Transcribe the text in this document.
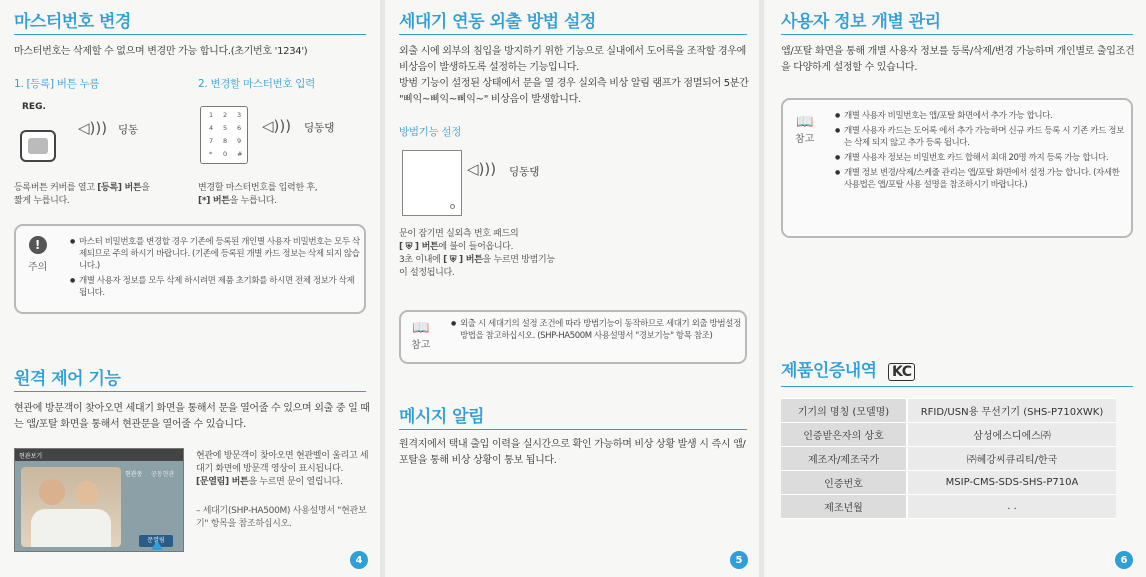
마스터번호 변경
마스터번호는 삭제할 수 없으며 변경만 가능 합니다.(초기번호 '1234')
1. [등록] 버튼 누름	2. 변경할 마스터번호 입력
REG.
◁))) 딩동
1 2 3
4 5 6
7 8 9
* 0 #
◁))) 딩동댕
등록버튼 커버를 열고 [등록] 버튼을
짧게 누릅니다.
변경할 마스터번호를 입력한 후,
[*] 버튼을 누릅니다.
!
주의
● 마스터 비밀번호를 변경할 경우 기존에 등록된 개인별 사용자 비밀번호는 모두 삭제되므로 주의 하시기 바랍니다. (기존에 등록된 개별 카드 정보는 삭제 되지 않습니다.)
● 개별 사용자 정보를 모두 삭제 하시려면 제품 초기화를 하시면 전체 정보가 삭제됩니다.
원격 제어 기능
현관에 방문객이 찾아오면 세대기 화면을 통해서 문을 열어줄 수 있으며 외출 중 일 때는 앱/포탈 화면을 통해서 현관문을 열어줄 수 있습니다.
현관보기
현관동 공동현관
문열림
현관에 방문객이 찾아오면 현관벨이 울리고 세대기 화면에 방문객 영상이 표시됩니다.
[문열림] 버튼을 누르면 문이 열립니다.
– 세대기(SHP-HA500M) 사용설명서 "현관보기" 항목을 참조하십시오.
4
세대기 연동 외출 방법 설정
외출 시에 외부의 침입을 방지하기 위한 기능으로 실내에서 도어록을 조작할 경우에 비상음이 발생하도록 설정하는 기능입니다.
방범 기능이 설정된 상태에서 문을 열 경우 실외측 비상 알림 램프가 점멸되어 5분간 "삐익~삐익~삐익~" 비상음이 발생합니다.
방범기능 설정
◁))) 딩동댕
문이 잠기면 실외측 번호 패드의
[ ⛨ ] 버튼에 불이 들어옵니다.
3초 이내에 [ ⛨ ] 버튼을 누르면 방범기능
이 설정됩니다.
📖
참고
● 외출 시 세대기의 설정 조건에 따라 방범기능이 동작하므로 세대기 외출 방범설정 방법을 참고하십시오. (SHP-HA500M 사용설명서 "경보기능" 항목 참조)
메시지 알림
원격지에서 택내 출입 이력을 실시간으로 확인 가능하며 비상 상황 발생 시 즉시 앱/포탈을 통해 비상 상황이 통보 됩니다.
5
사용자 정보 개별 관리
앱/포탈 화면을 통해 개별 사용자 정보를 등록/삭제/변경 가능하며 개인별로 출입조건을 다양하게 설정할 수 있습니다.
📖
참고
● 개별 사용자 비밀번호는 앱/포탈 화면에서 추가 가능 합니다.
● 개별 사용자 카드는 도어록 에서 추가 가능하며 신규 카드 등록 시 기존 카드 정보는 삭제 되지 않고 추가 등록 됩니다.
● 개별 사용자 정보는 비밀번호 카드 합해서 최대 20명 까지 등록 가능 합니다.
● 개별 정보 변경/삭제/스케줄 관리는 앱/포탈 화면에서 설정 가능 합니다. (자세한 사용법은 앱/포탈 사용 설명을 참조하시기 바랍니다.)
제품인증내역 KC
기기의 명칭 (모델명)	RFID/USN용 무선기기 (SHS-P710XWK)
인증받은자의 상호	삼성에스디에스㈜
제조자/제조국가	㈜혜강씨큐리티/한국
인증번호	MSIP-CMS-SDS-SHS-P710A
제조년월	. .
6
